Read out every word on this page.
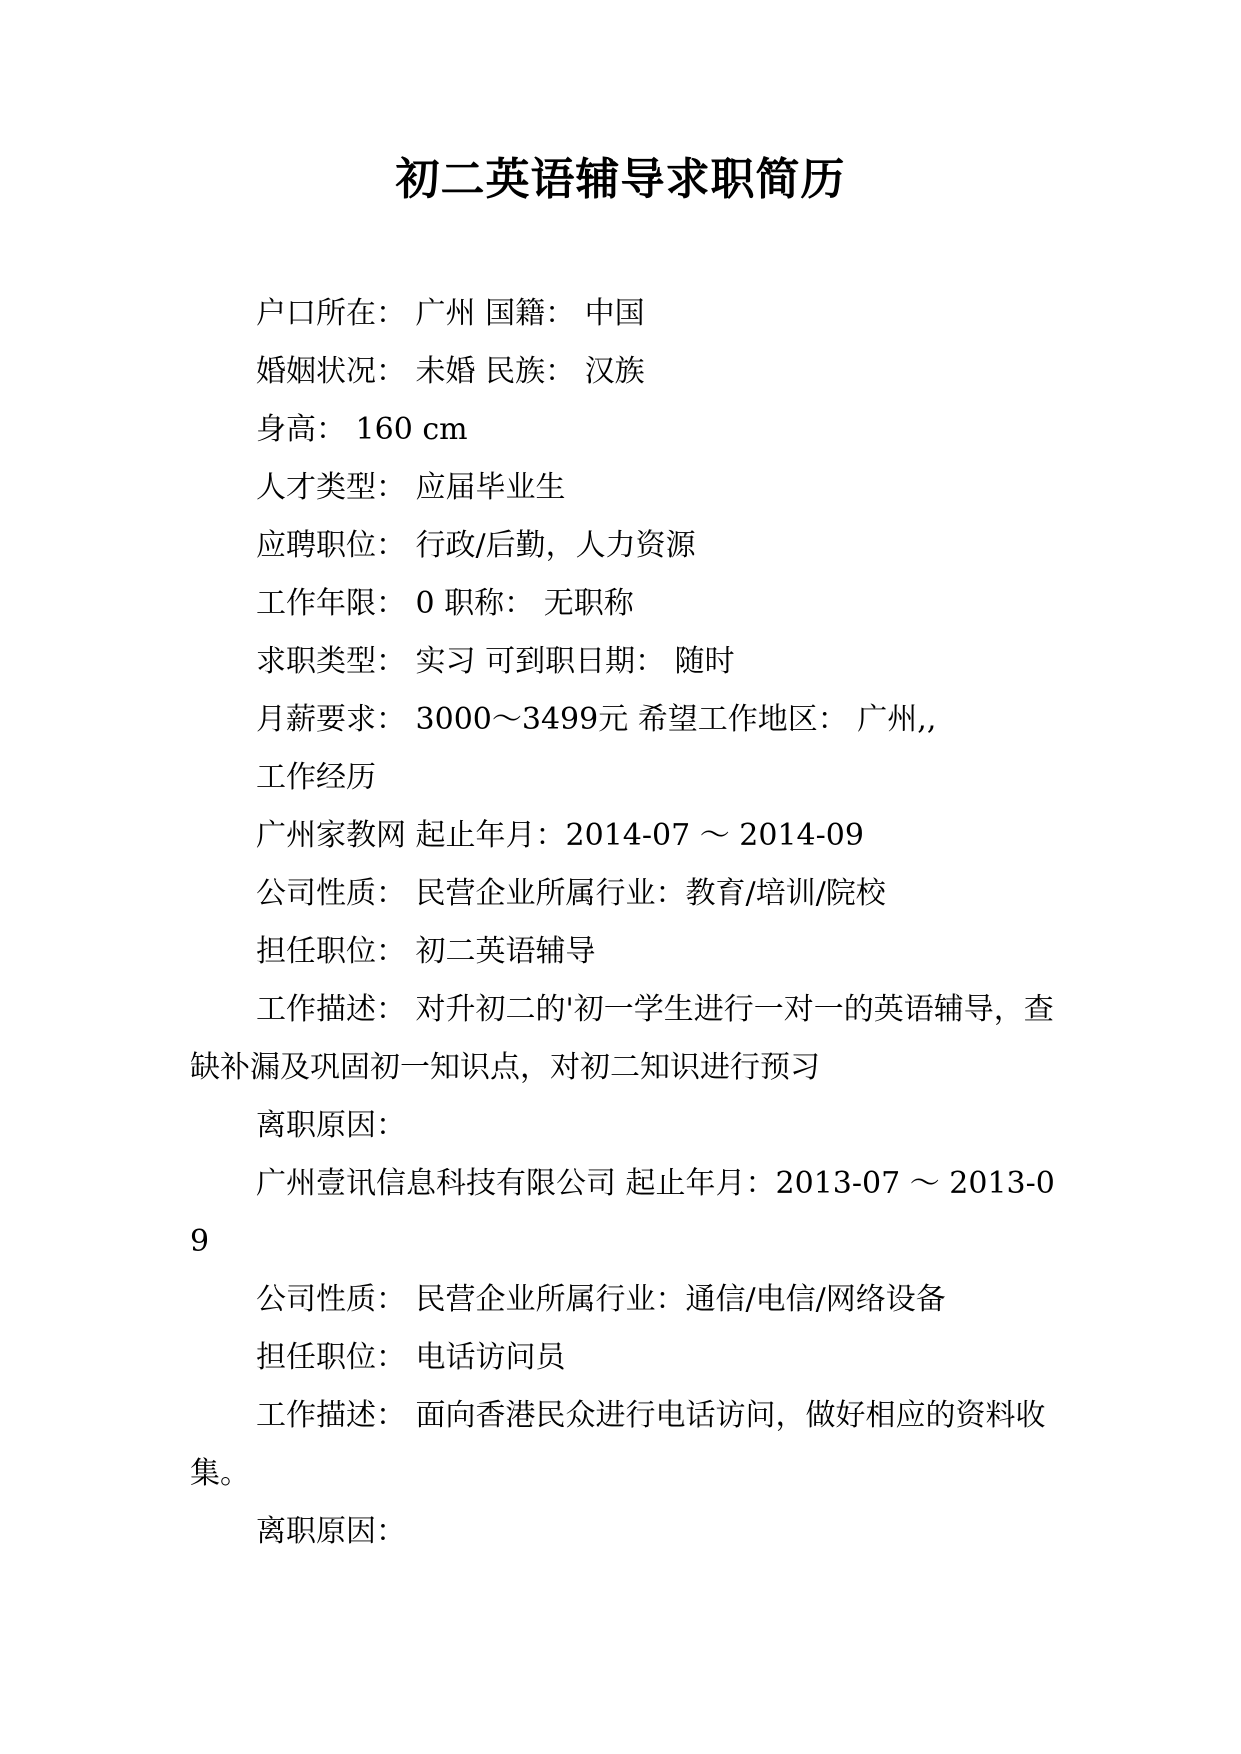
初二英语辅导求职简历

户口所在： 广州 国籍： 中国

婚姻状况： 未婚 民族： 汉族

身高： 160 cm

人才类型： 应届毕业生

应聘职位： 行政/后勤，人力资源

工作年限： 0 职称： 无职称

求职类型： 实习 可到职日期： 随时

月薪要求： 3000～3499元 希望工作地区： 广州,,

工作经历

广州家教网 起止年月：2014-07 ～ 2014-09

公司性质： 民营企业所属行业：教育/培训/院校

担任职位： 初二英语辅导

工作描述： 对升初二的'初一学生进行一对一的英语辅导，查缺补漏及巩固初一知识点，对初二知识进行预习

离职原因：

广州壹讯信息科技有限公司 起止年月：2013-07 ～ 2013-09

公司性质： 民营企业所属行业：通信/电信/网络设备

担任职位： 电话访问员

工作描述： 面向香港民众进行电话访问，做好相应的资料收集。

离职原因：
